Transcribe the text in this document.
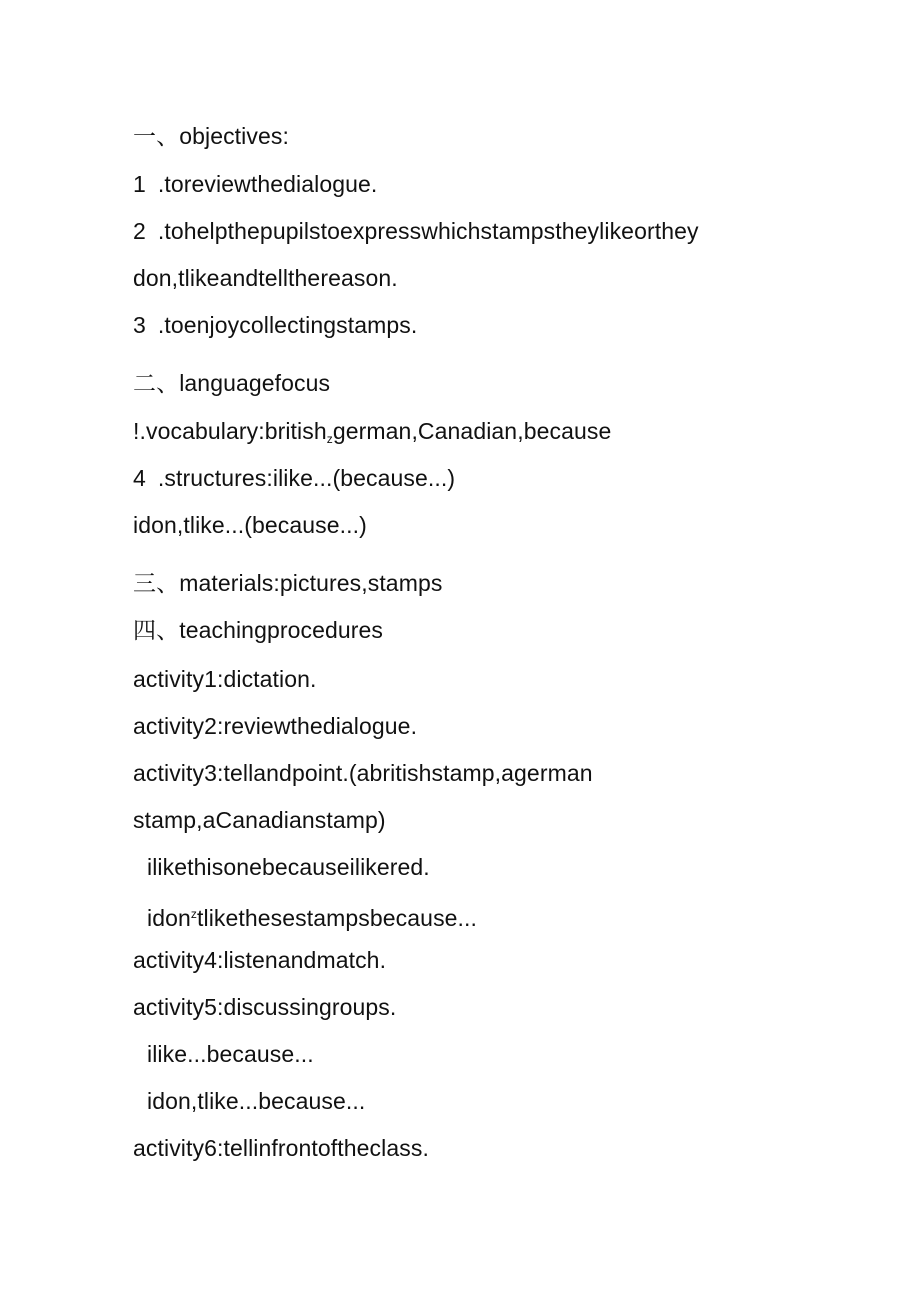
一、objectives:
1 .toreviewthedialogue.
2 .tohelpthepupilstoexpresswhichstampstheylikeorthey
don,tlikeandtellthereason.
3 .toenjoycollectingstamps.
二、languagefocus
!.vocabulary:british$_z$german,Canadian,because
4 .structures:ilike...(because...)
idon,tlike...(because...)
三、materials:pictures,stamps
四、teachingprocedures
activity1:dictation.
activity2:reviewthedialogue.
activity3:tellandpoint.(abritishstamp,agerman
stamp,aCanadianstamp)
ilikethisonebecauseilikered.
idon$^z$tlikethesestampsbecause...
activity4:listenandmatch.
activity5:discussingroups.
ilike...because...
idon,tlike...because...
activity6:tellinfrontoftheclass.
